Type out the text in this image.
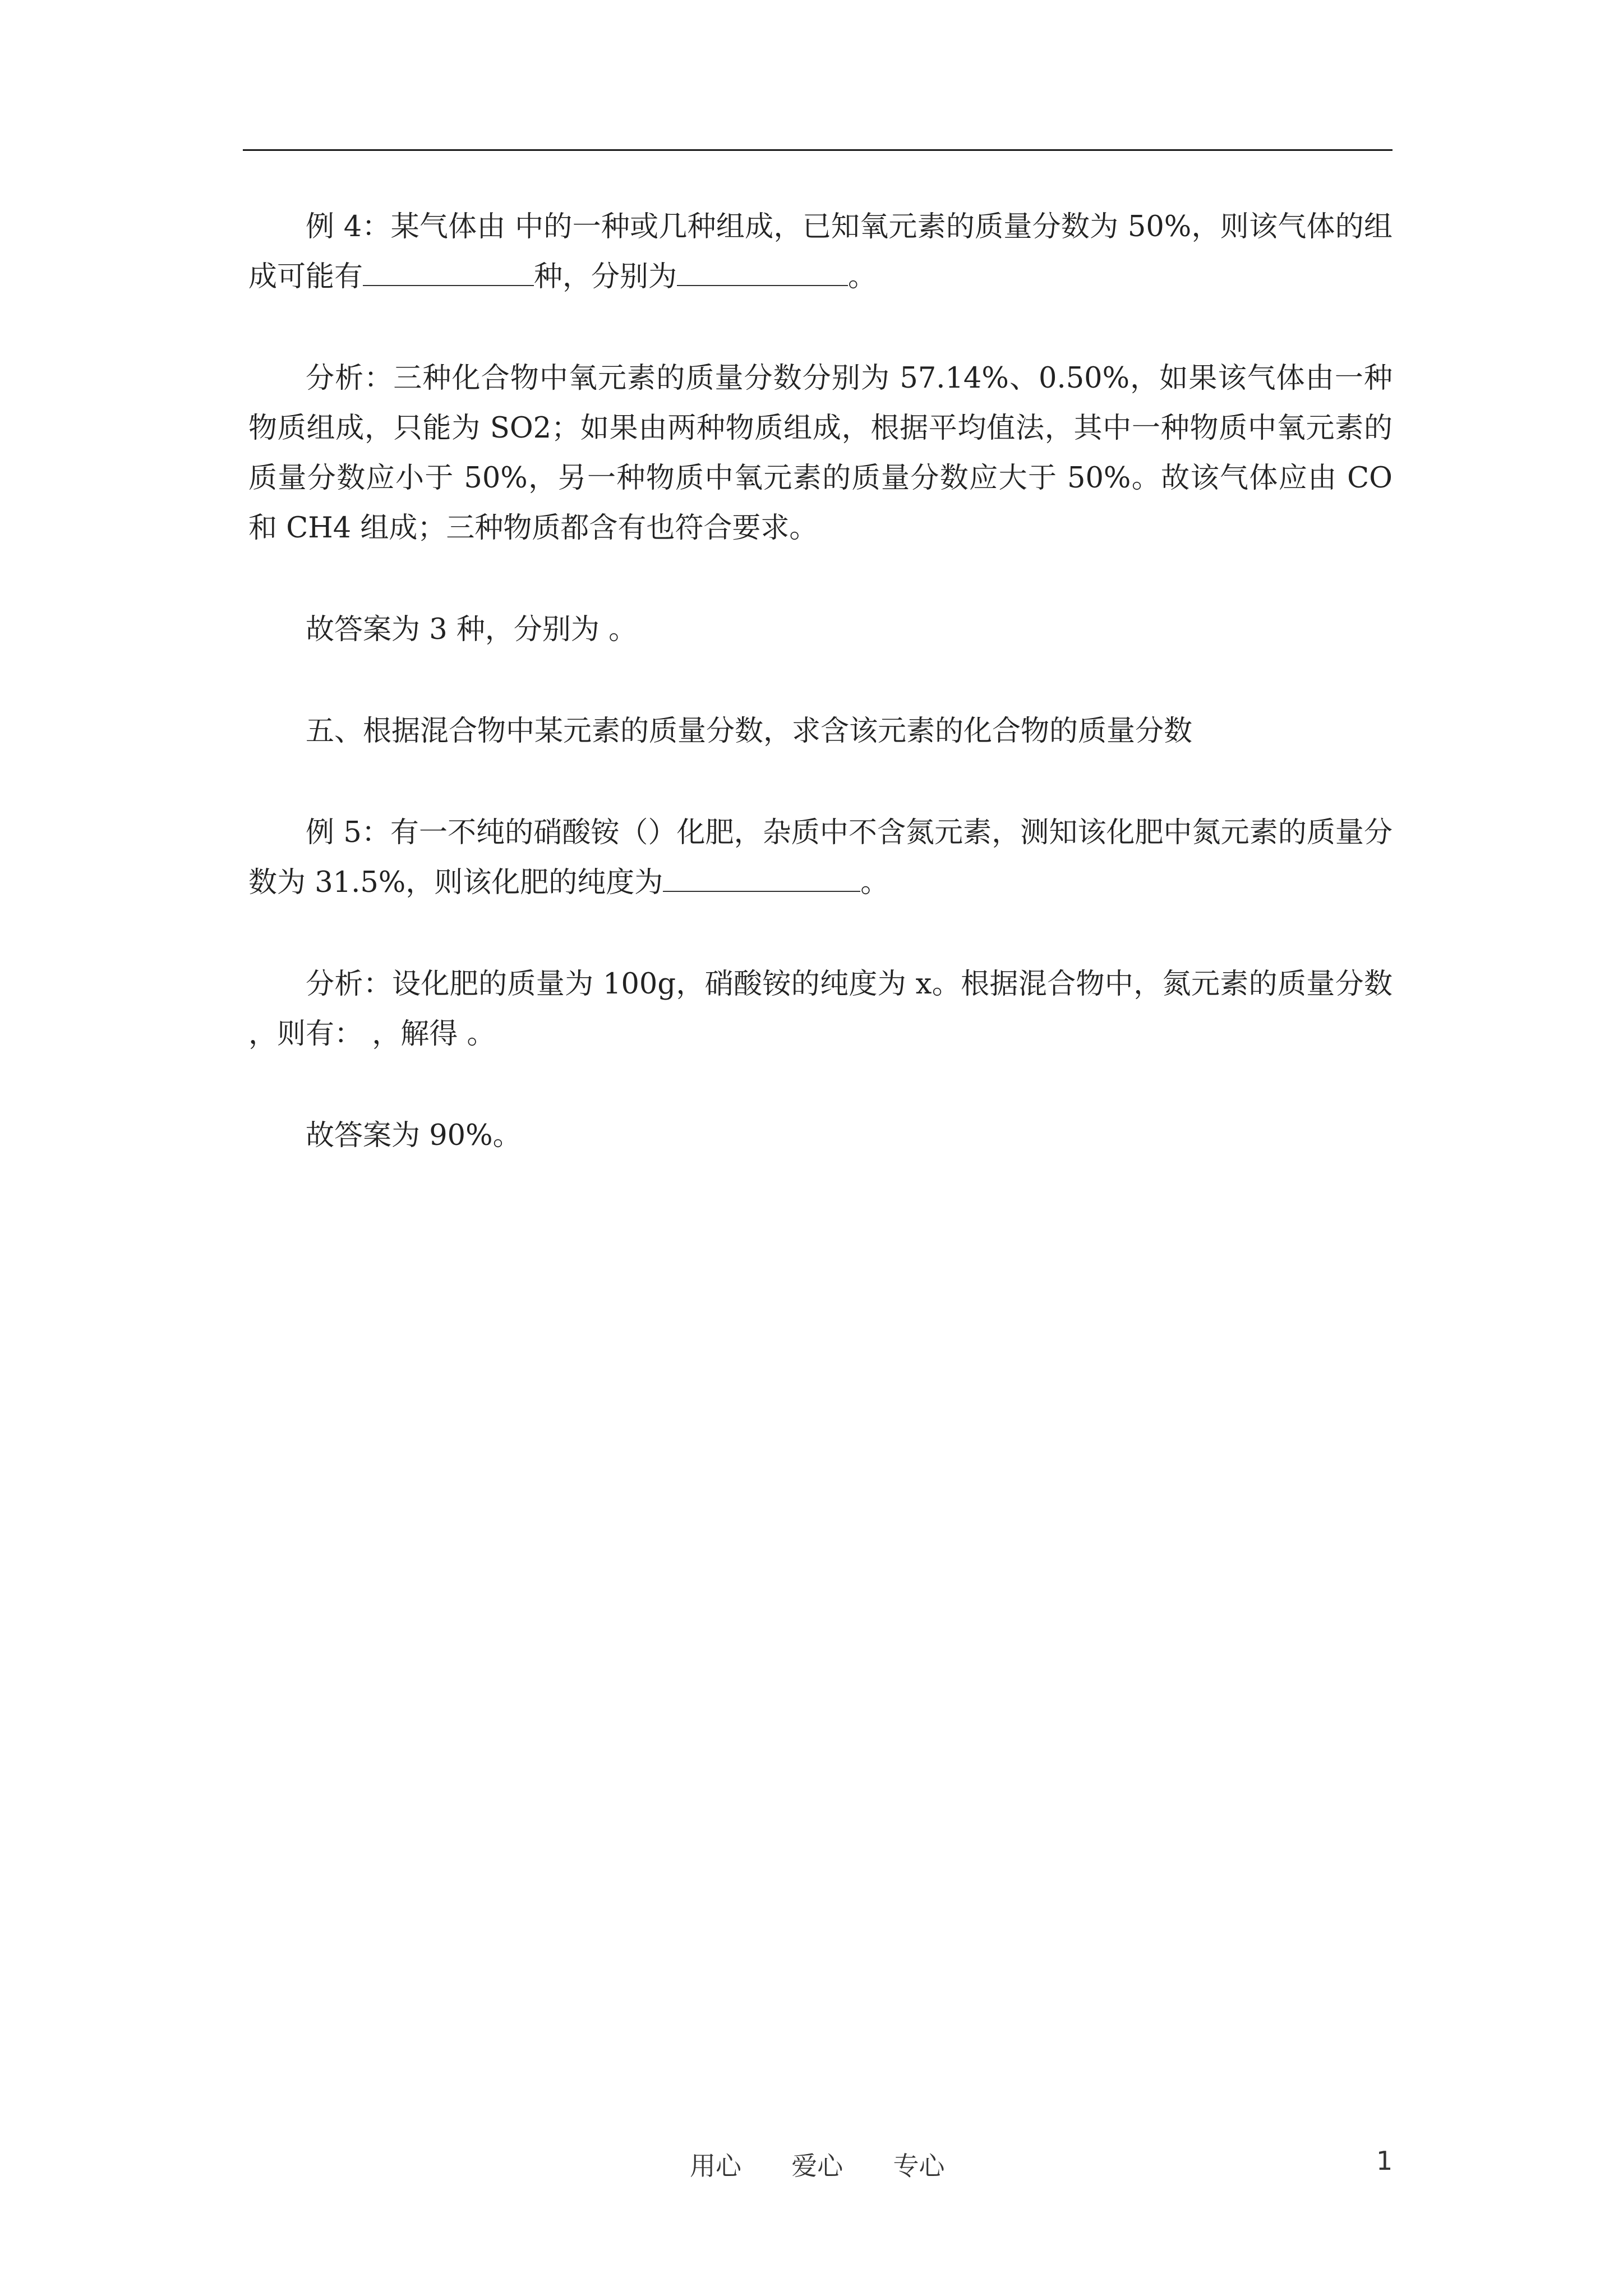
例 4：某气体由 中的一种或几种组成，已知氧元素的质量分数为 50%，则该气体的组成可能有	种，分别为	。

分析：三种化合物中氧元素的质量分数分别为 57.14%、0.50%，如果该气体由一种物质组成，只能为 SO2；如果由两种物质组成，根据平均值法，其中一种物质中氧元素的质量分数应小于 50%，另一种物质中氧元素的质量分数应大于 50%。故该气体应由 CO 和 CH4 组成；三种物质都含有也符合要求。

故答案为 3 种，分别为 。

五、根据混合物中某元素的质量分数，求含该元素的化合物的质量分数

例 5：有一不纯的硝酸铵（）化肥，杂质中不含氮元素，测知该化肥中氮元素的质量分数为 31.5%，则该化肥的纯度为	。

分析：设化肥的质量为 100g，硝酸铵的纯度为 x。根据混合物中，氮元素的质量分数 ，则有： ，解得 。

故答案为 90%。

用心  爱心  专心	1
